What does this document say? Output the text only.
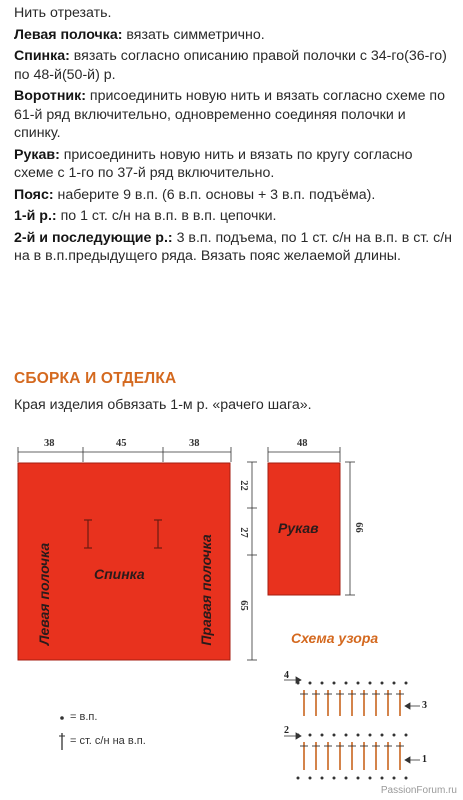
Нить отрезать.

Левая полочка: вязать симметрично.

Спинка: вязать согласно описанию правой полочки с 34-го(36-го) по 48-й(50-й) р.

Воротник: присоединить новую нить и вязать согласно схеме по 61-й ряд включительно, одновременно соединяя полочки и спинку.

Рукав: присоединить новую нить и вязать по кругу согласно схеме с 1-го по 37-й ряд включительно.

Пояс: наберите 9 в.п. (6 в.п. основы + 3 в.п. подъёма).

1-й р.: по 1 ст. с/н на в.п. в в.п. цепочки.

2-й и последующие р.: 3 в.п. подъема, по 1 ст. с/н на в.п. в ст. с/н на в в.п.предыдущего ряда. Вязать пояс желаемой длины.

СБОРКА И ОТДЕЛКА
Края изделия обвязать 1-м р. «рачего шага».
38	45	38
22
27
65
48
66
Левая полочка	Спинка	Правая полочка
Рукав
= в.п.
= ст. с/н на в.п.
Схема узора
4
3
2
1
PassionForum.ru
